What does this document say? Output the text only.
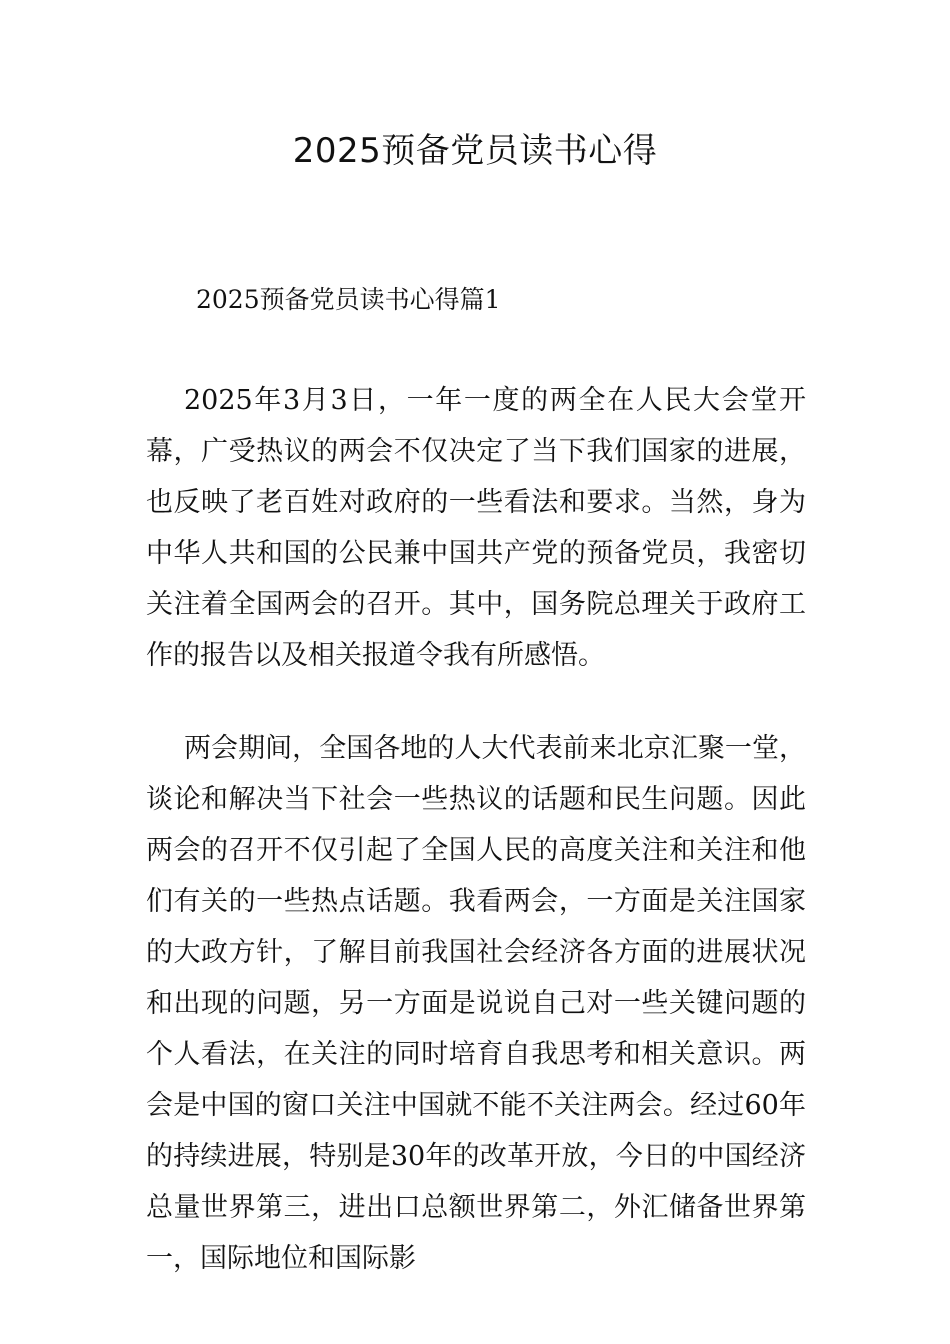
2025预备党员读书心得

2025预备党员读书心得篇1

2025年3月3日，一年一度的两全在人民大会堂开幕，广受热议的两会不仅决定了当下我们国家的进展，也反映了老百姓对政府的一些看法和要求。当然，身为中华人共和国的公民兼中国共产党的预备党员，我密切关注着全国两会的召开。其中，国务院总理关于政府工作的报告以及相关报道令我有所感悟。

两会期间，全国各地的人大代表前来北京汇聚一堂，谈论和解决当下社会一些热议的话题和民生问题。因此两会的召开不仅引起了全国人民的高度关注和关注和他们有关的一些热点话题。我看两会，一方面是关注国家的大政方针，了解目前我国社会经济各方面的进展状况和出现的问题，另一方面是说说自己对一些关键问题的个人看法，在关注的同时培育自我思考和相关意识。两会是中国的窗口关注中国就不能不关注两会。经过60年的持续进展，特别是30年的改革开放，今日的中国经济总量世界第三，进出口总额世界第二，外汇储备世界第一，国际地位和国际影
